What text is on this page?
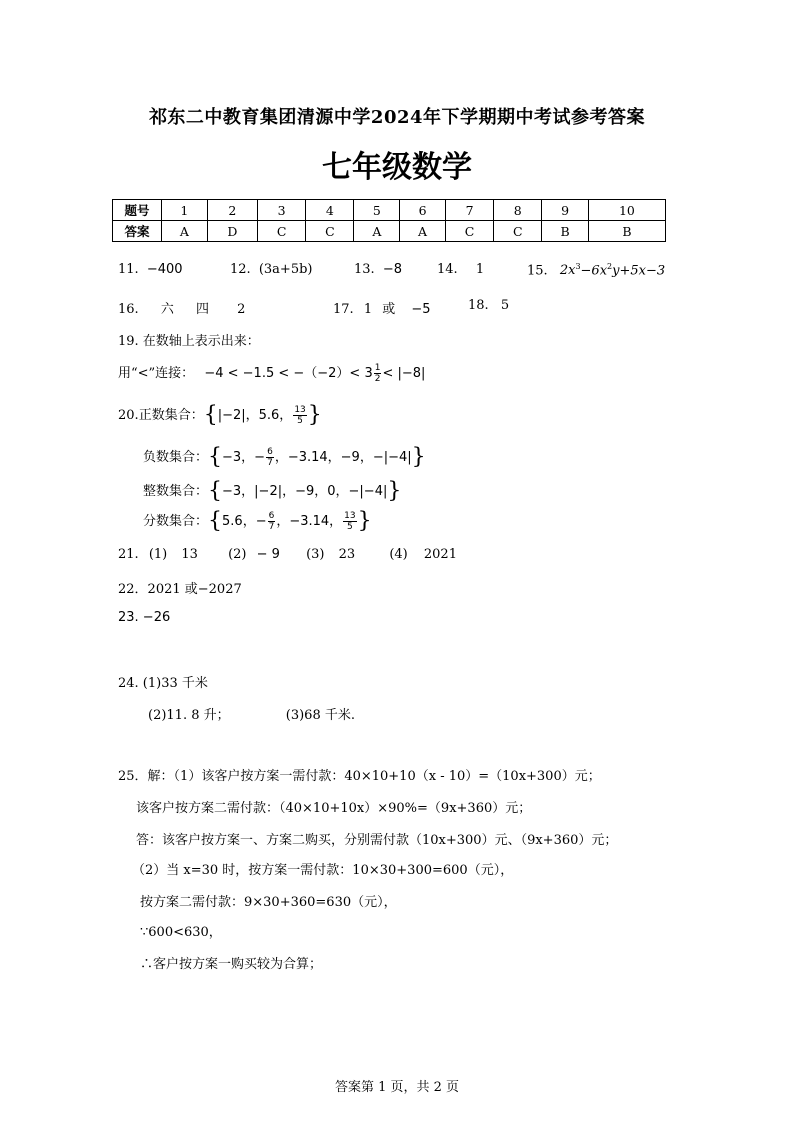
祁东二中教育集团清源中学2024年下学期期中考试参考答案
七年级数学
题号	1	2	3	4	5	6	7	8	9	10
答案	A	D	C	C	A	A	C	C	B	B
11. −400	12. (3a+5b)	13. −8	14. 1	15. $2x^3-6x^2y+5x-3$
16. 六 四 2	17. 1 或 −5	18. 5
19. 在数轴上表示出来：
用“<”连接： $-4 < -1.5 < -(-2)< 3 \frac{1}{2} < |-8|$
20.正数集合：{|−2|，5.6， $\frac{13}{5}$ }
负数集合：{−3，− $\frac{6}{7}$ ，−3.14，−9，−|−4|}
整数集合：{−3，|−2|，−9，0，−|−4|}
分数集合：{5.6，− $\frac{6}{7}$ ，−3.14， $\frac{13}{5}$ }
21. (1) 13 (2) − 9 (3) 23	(4) 2021
22．2021 或−2027
23. −26
24. (1)33 千米
(2)11. 8 升；	(3)68 千米.
25．解：（1）该客户按方案一需付款：40×10+10（x - 10）=（10x+300）元；
该客户按方案二需付款：（40×10+10x）×90%=（9x+360）元；
答：该客户按方案一、方案二购买，分别需付款（10x+300）元、（9x+360）元；
（2）当 x=30 时，按方案一需付款：10×30+300=600（元），
按方案二需付款：9×30+360=630（元），
∵600<630，
∴客户按方案一购买较为合算；
答案第 1 页，共 2 页
